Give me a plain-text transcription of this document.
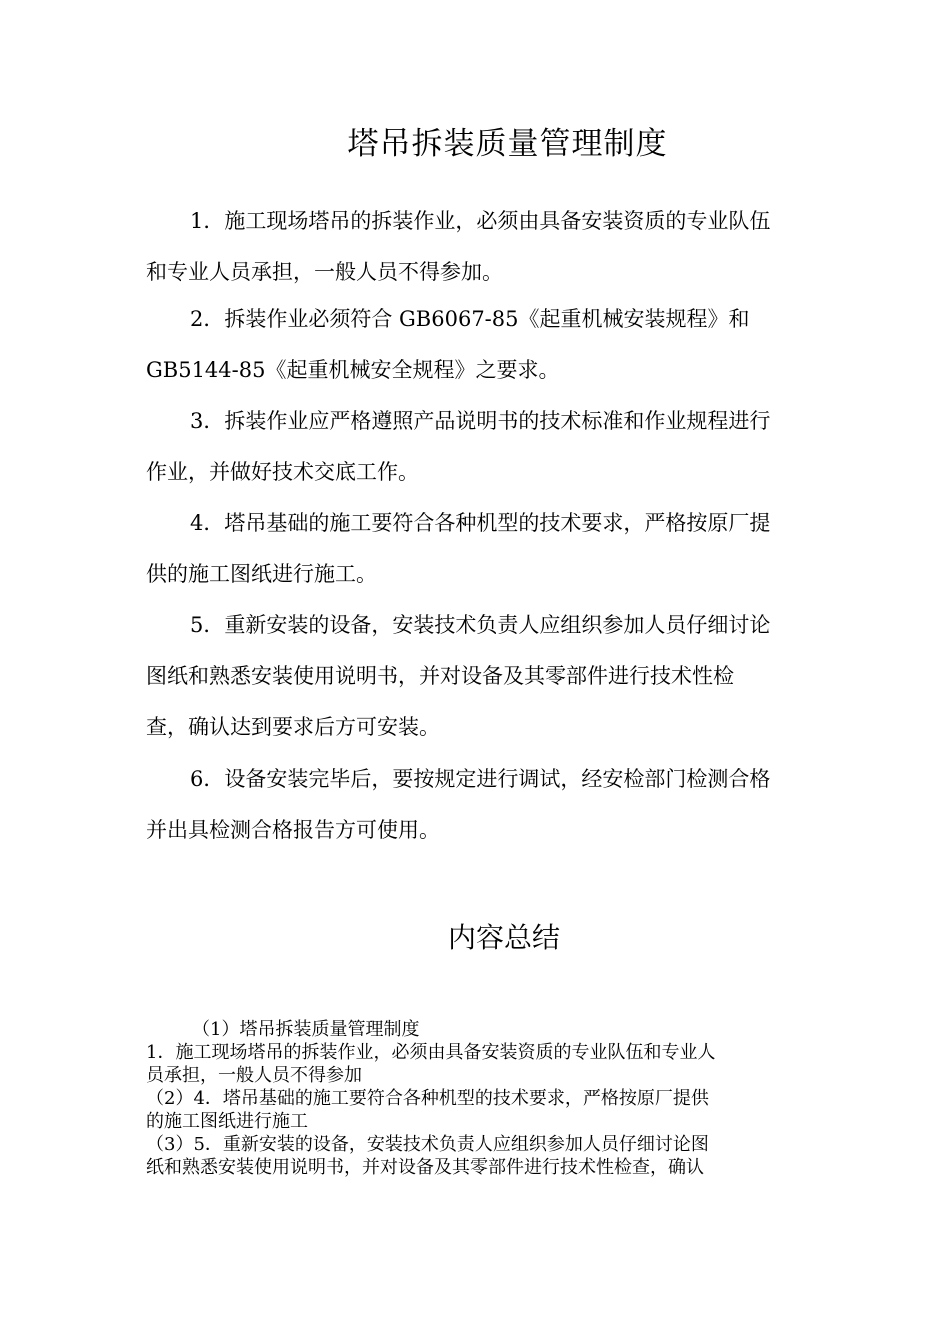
塔吊拆装质量管理制度
1．施工现场塔吊的拆装作业，必须由具备安装资质的专业队伍
和专业人员承担，一般人员不得参加。
2．拆装作业必须符合 GB6067-85《起重机械安装规程》和
GB5144-85《起重机械安全规程》之要求。
3．拆装作业应严格遵照产品说明书的技术标准和作业规程进行
作业，并做好技术交底工作。
4．塔吊基础的施工要符合各种机型的技术要求，严格按原厂提
供的施工图纸进行施工。
5．重新安装的设备，安装技术负责人应组织参加人员仔细讨论
图纸和熟悉安装使用说明书，并对设备及其零部件进行技术性检
查，确认达到要求后方可安装。
6．设备安装完毕后，要按规定进行调试，经安检部门检测合格
并出具检测合格报告方可使用。
内容总结
（1）塔吊拆装质量管理制度
1．施工现场塔吊的拆装作业，必须由具备安装资质的专业队伍和专业人
员承担，一般人员不得参加
（2）4．塔吊基础的施工要符合各种机型的技术要求，严格按原厂提供
的施工图纸进行施工
（3）5．重新安装的设备，安装技术负责人应组织参加人员仔细讨论图
纸和熟悉安装使用说明书，并对设备及其零部件进行技术性检查，确认
